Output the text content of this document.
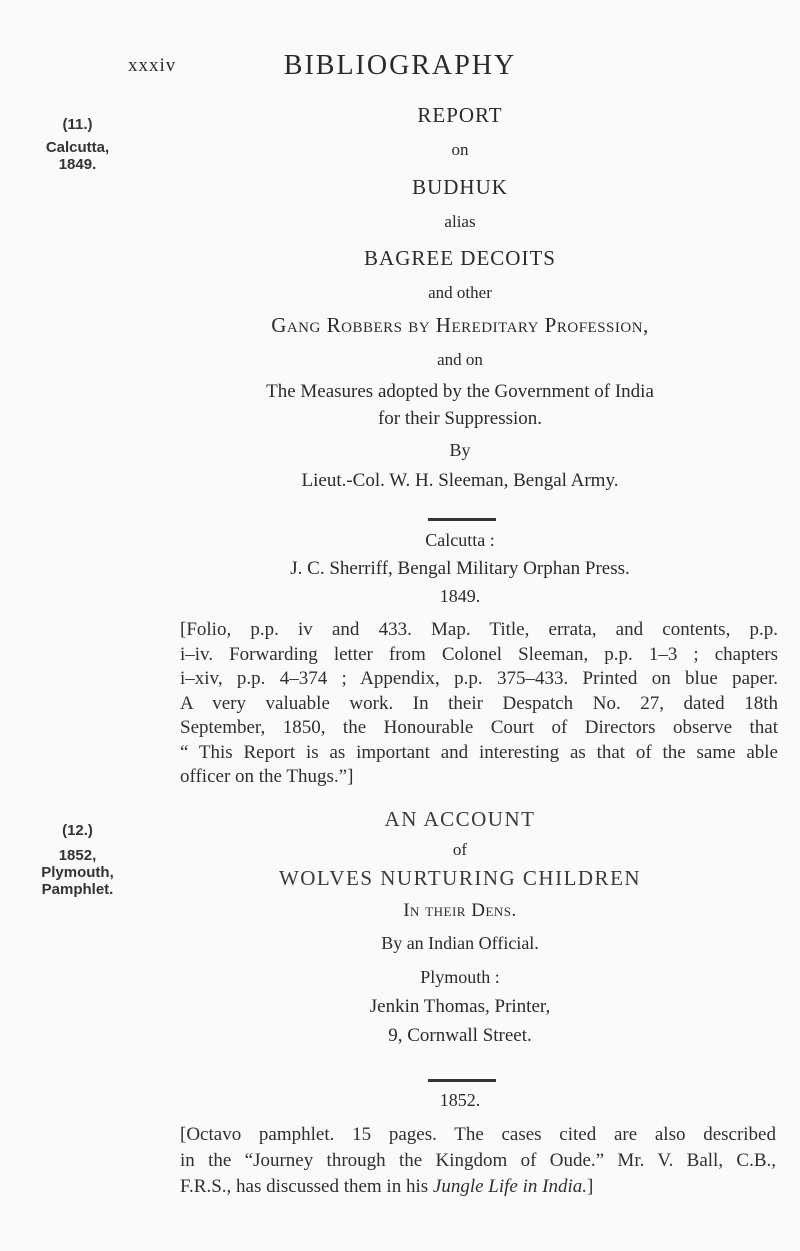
xxxiv	BIBLIOGRAPHY
(11.)
Calcutta,
1849.
REPORT
on
BUDHUK
alias
BAGREE DECOITS
and other
Gang Robbers by Hereditary Profession,
and on
The Measures adopted by the Government of India
for their Suppression.
By
Lieut.-Col. W. H. Sleeman, Bengal Army.
Calcutta :
J. C. Sherriff, Bengal Military Orphan Press.
1849.
[Folio, p.p. iv and 433. Map. Title, errata, and contents, p.p.
i–iv. Forwarding letter from Colonel Sleeman, p.p. 1–3 ; chapters
i–xiv, p.p. 4–374 ; Appendix, p.p. 375–433. Printed on blue paper.
A very valuable work. In their Despatch No. 27, dated 18th
September, 1850, the Honourable Court of Directors observe that
“ This Report is as important and interesting as that of the same able
officer on the Thugs.”]
(12.)
1852,
Plymouth,
Pamphlet.
AN ACCOUNT
of
WOLVES NURTURING CHILDREN
In their Dens.
By an Indian Official.
Plymouth :
Jenkin Thomas, Printer,
9, Cornwall Street.
1852.
[Octavo pamphlet. 15 pages. The cases cited are also described
in the “Journey through the Kingdom of Oude.” Mr. V. Ball, C.B.,
F.R.S., has discussed them in his Jungle Life in India.]
